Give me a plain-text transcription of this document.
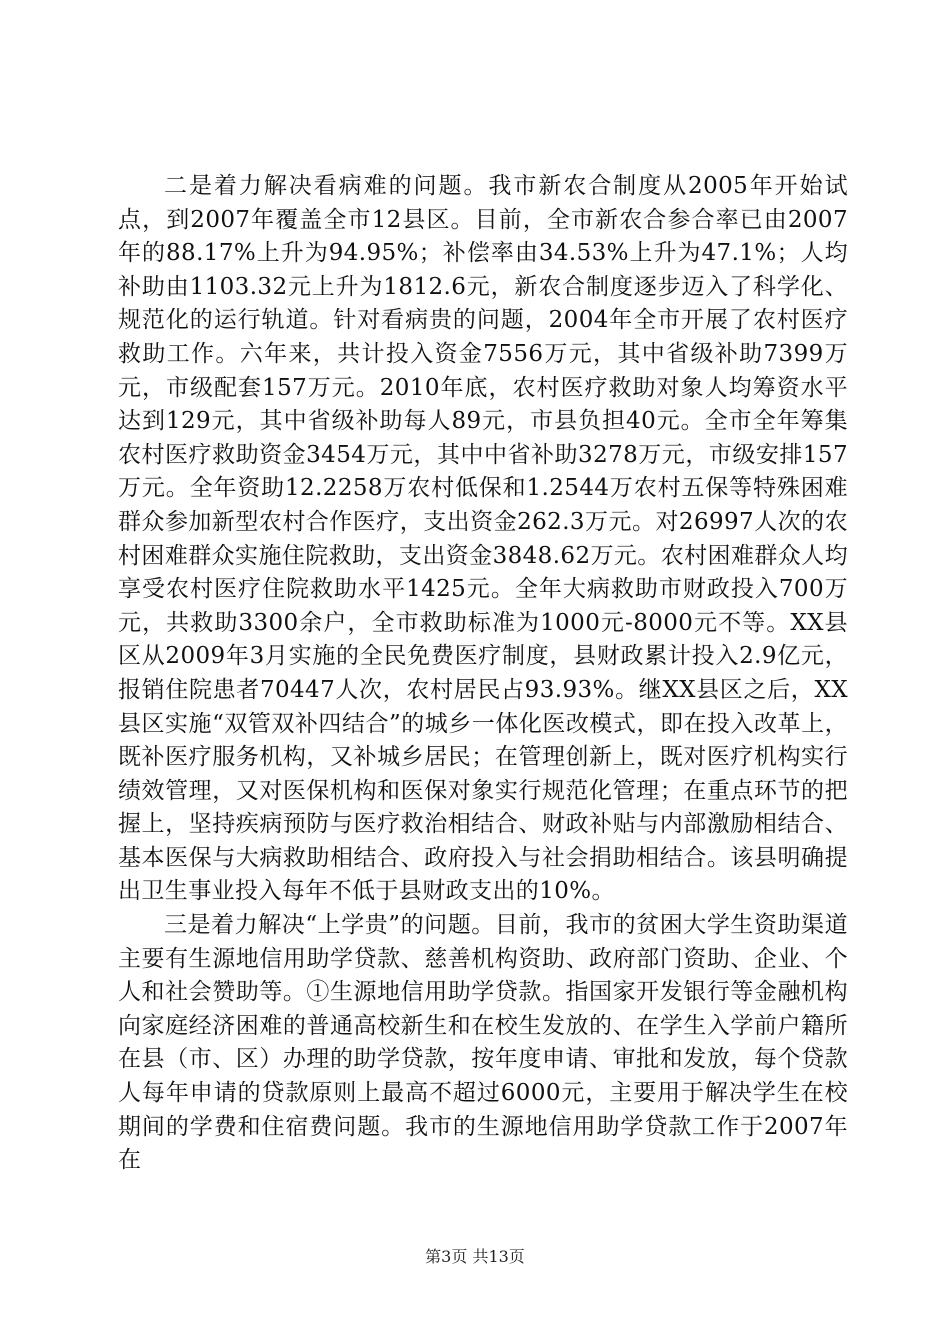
二是着力解决看病难的问题。我市新农合制度从2005年开始试点，到2007年覆盖全市12县区。目前，全市新农合参合率已由2007年的88.17%上升为94.95%；补偿率由34.53%上升为47.1%；人均补助由1103.32元上升为1812.6元，新农合制度逐步迈入了科学化、规范化的运行轨道。针对看病贵的问题，2004年全市开展了农村医疗救助工作。六年来，共计投入资金7556万元，其中省级补助7399万元，市级配套157万元。2010年底，农村医疗救助对象人均筹资水平达到129元，其中省级补助每人89元，市县负担40元。全市全年筹集农村医疗救助资金3454万元，其中中省补助3278万元，市级安排157万元。全年资助12.2258万农村低保和1.2544万农村五保等特殊困难群众参加新型农村合作医疗，支出资金262.3万元。对26997人次的农村困难群众实施住院救助，支出资金3848.62万元。农村困难群众人均享受农村医疗住院救助水平1425元。全年大病救助市财政投入700万元，共救助3300余户，全市救助标准为1000元-8000元不等。XX县区从2009年3月实施的全民免费医疗制度，县财政累计投入2.9亿元，报销住院患者70447人次，农村居民占93.93%。继XX县区之后，XX县区实施“双管双补四结合”的城乡一体化医改模式，即在投入改革上，既补医疗服务机构，又补城乡居民；在管理创新上，既对医疗机构实行绩效管理，又对医保机构和医保对象实行规范化管理；在重点环节的把握上，坚持疾病预防与医疗救治相结合、财政补贴与内部激励相结合、基本医保与大病救助相结合、政府投入与社会捐助相结合。该县明确提出卫生事业投入每年不低于县财政支出的10%。

三是着力解决“上学贵”的问题。目前，我市的贫困大学生资助渠道主要有生源地信用助学贷款、慈善机构资助、政府部门资助、企业、个人和社会赞助等。①生源地信用助学贷款。指国家开发银行等金融机构向家庭经济困难的普通高校新生和在校生发放的、在学生入学前户籍所在县（市、区）办理的助学贷款，按年度申请、审批和发放，每个贷款人每年申请的贷款原则上最高不超过6000元，主要用于解决学生在校期间的学费和住宿费问题。我市的生源地信用助学贷款工作于2007年在

第3页 共13页
